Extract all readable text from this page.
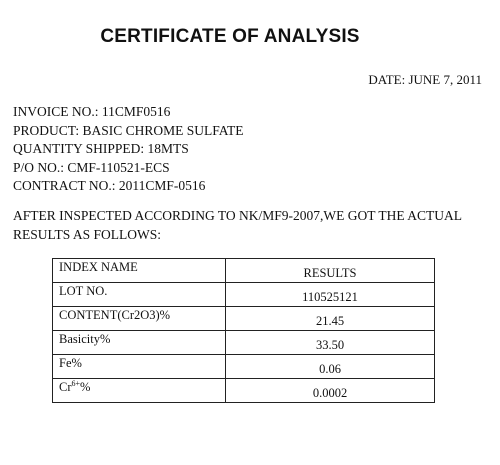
CERTIFICATE OF ANALYSIS
DATE: JUNE 7, 2011
INVOICE NO.: 11CMF0516
PRODUCT: BASIC CHROME SULFATE
QUANTITY SHIPPED: 18MTS
P/O NO.: CMF-110521-ECS
CONTRACT NO.: 2011CMF-0516
AFTER INSPECTED ACCORDING TO NK/MF9-2007,WE GOT THE ACTUAL
RESULTS AS FOLLOWS:
INDEX NAME	RESULTS
LOT NO.	110525121
CONTENT(Cr2O3)%	21.45
Basicity%	33.50
Fe%	0.06
$Cr^{6+}\%$	0.0002
